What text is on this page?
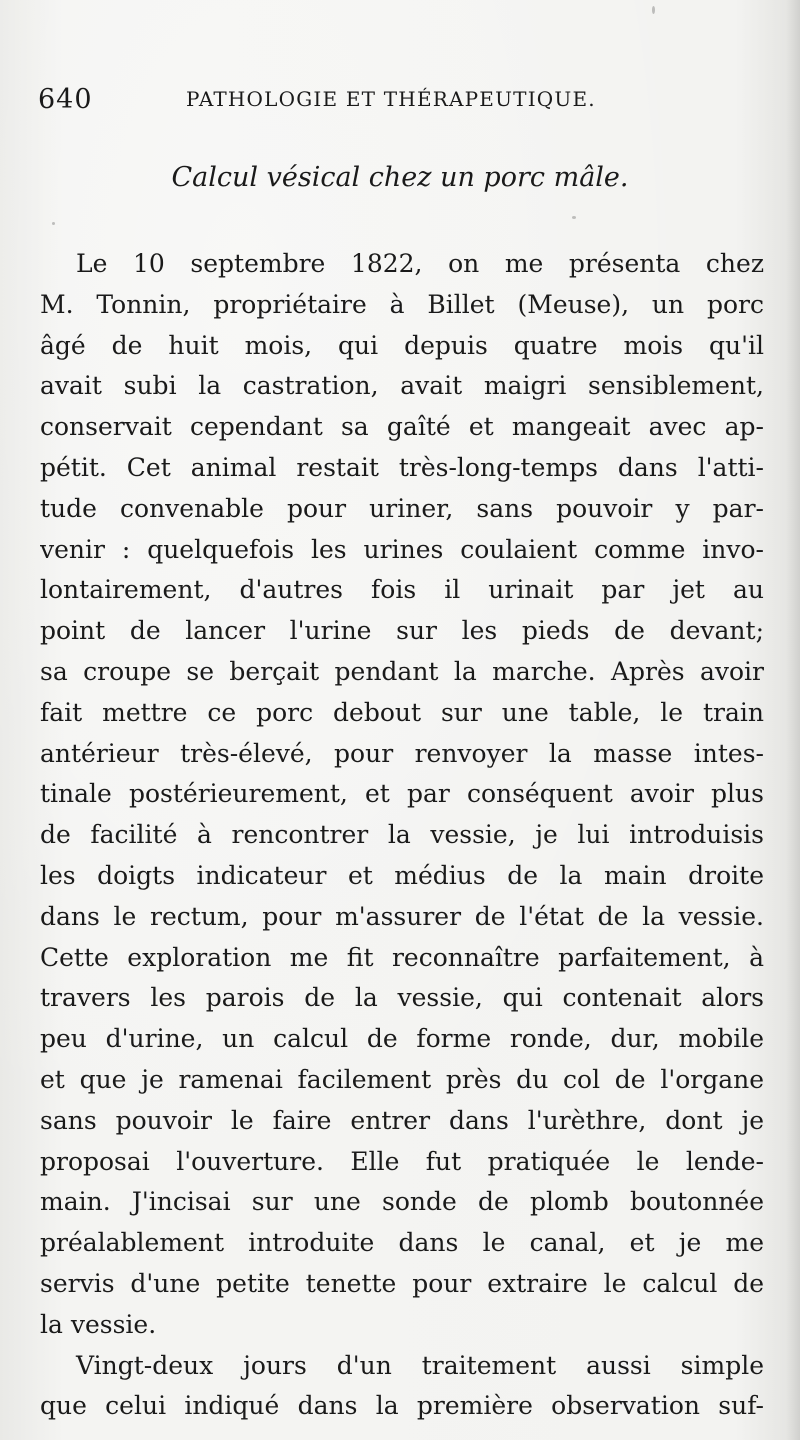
640	PATHOLOGIE ET THÉRAPEUTIQUE.
Calcul vésical chez un porc mâle.
Le 10 septembre 1822, on me présenta chez
M. Tonnin, propriétaire à Billet (Meuse), un porc
âgé de huit mois, qui depuis quatre mois qu'il
avait subi la castration, avait maigri sensiblement,
conservait cependant sa gaîté et mangeait avec ap-
pétit. Cet animal restait très-long-temps dans l'atti-
tude convenable pour uriner, sans pouvoir y par-
venir : quelquefois les urines coulaient comme invo-
lontairement, d'autres fois il urinait par jet au
point de lancer l'urine sur les pieds de devant;
sa croupe se berçait pendant la marche. Après avoir
fait mettre ce porc debout sur une table, le train
antérieur très-élevé, pour renvoyer la masse intes-
tinale postérieurement, et par conséquent avoir plus
de facilité à rencontrer la vessie, je lui introduisis
les doigts indicateur et médius de la main droite
dans le rectum, pour m'assurer de l'état de la vessie.
Cette exploration me fit reconnaître parfaitement, à
travers les parois de la vessie, qui contenait alors
peu d'urine, un calcul de forme ronde, dur, mobile
et que je ramenai facilement près du col de l'organe
sans pouvoir le faire entrer dans l'urèthre, dont je
proposai l'ouverture. Elle fut pratiquée le lende-
main. J'incisai sur une sonde de plomb boutonnée
préalablement introduite dans le canal, et je me
servis d'une petite tenette pour extraire le calcul de
la vessie.
Vingt-deux jours d'un traitement aussi simple
que celui indiqué dans la première observation suf-
